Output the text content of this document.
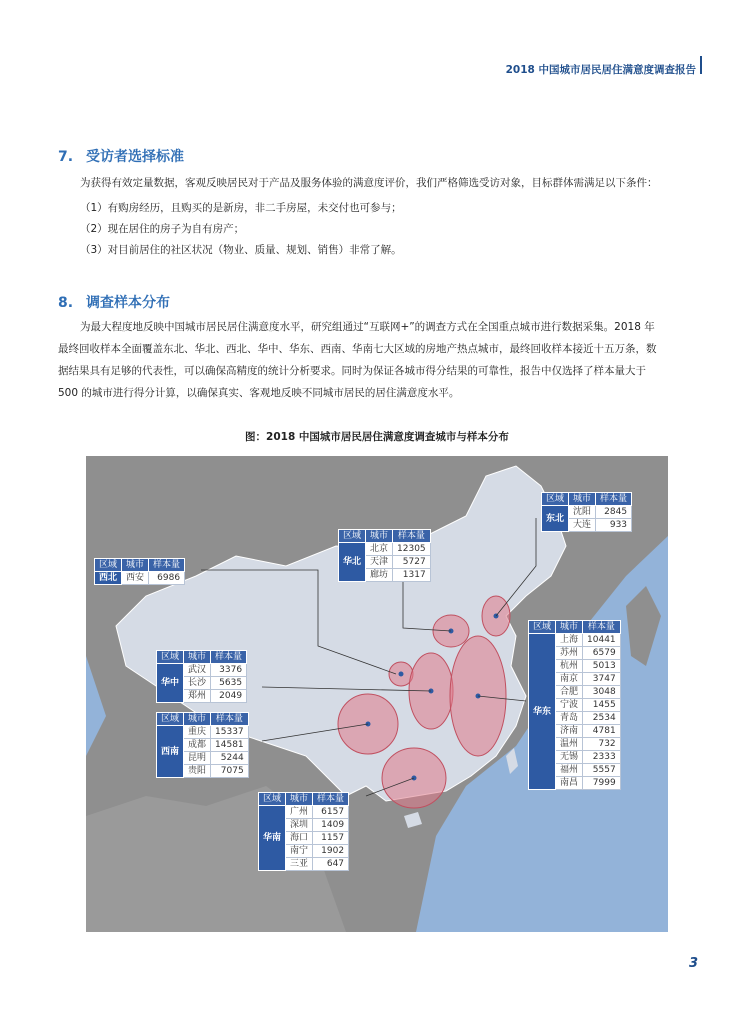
2018 中国城市居民居住满意度调查报告
7. 受访者选择标准
为获得有效定量数据，客观反映居民对于产品及服务体验的满意度评价，我们严格筛选受访对象，目标群体需满足以下条件：
（1）有购房经历，且购买的是新房，非二手房屋，未交付也可参与；
（2）现在居住的房子为自有房产；
（3）对目前居住的社区状况（物业、质量、规划、销售）非常了解。
8. 调查样本分布
为最大程度地反映中国城市居民居住满意度水平，研究组通过“互联网+”的调查方式在全国重点城市进行数据采集。2018 年
最终回收样本全面覆盖东北、华北、西北、华中、华东、西南、华南七大区域的房地产热点城市，最终回收样本接近十五万条，数
据结果具有足够的代表性，可以确保高精度的统计分析要求。同时为保证各城市得分结果的可靠性，报告中仅选择了样本量大于
500 的城市进行得分计算，以确保真实、客观地反映不同城市居民的居住满意度水平。
图：2018 中国城市居民居住满意度调查城市与样本分布
区域	城市	样本量
东北	沈阳	2845
	大连	933
区域	城市	样本量
华北	北京	12305
	天津	5727
	廊坊	1317
区域	城市	样本量
西北	西安	6986
区域	城市	样本量
华中	武汉	3376
	长沙	5635
	郑州	2049
区域	城市	样本量
西南	重庆	15337
	成都	14581
	昆明	5244
	贵阳	7075
区域	城市	样本量
华东	上海	10441
	苏州	6579
	杭州	5013
	南京	3747
	合肥	3048
	宁波	1455
	青岛	2534
	济南	4781
	温州	732
	无锡	2333
	福州	5557
	南昌	7999
区域	城市	样本量
华南	广州	6157
	深圳	1409
	海口	1157
	南宁	1902
	三亚	647
3
